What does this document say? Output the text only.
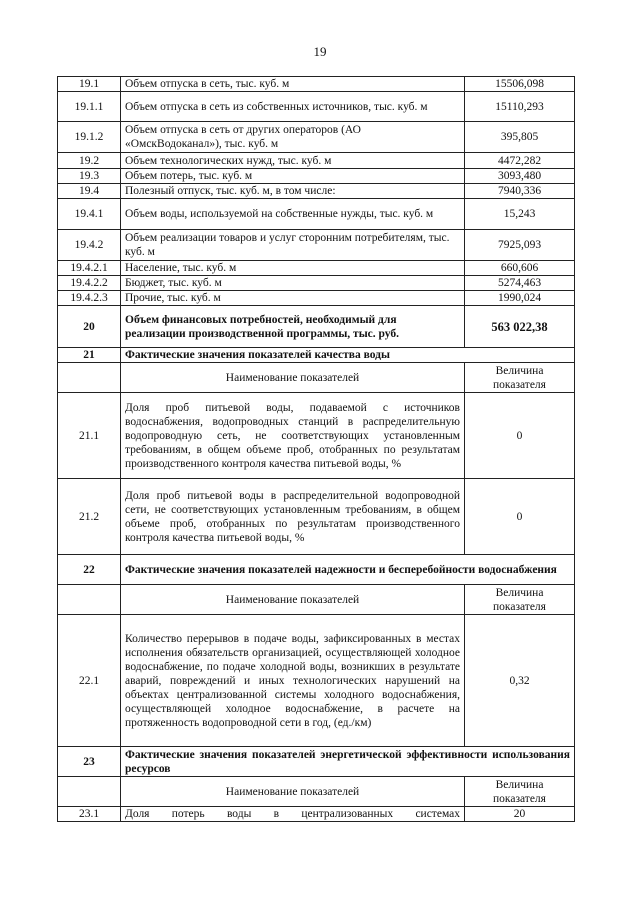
19
19.1	Объем отпуска в сеть, тыс. куб. м	15506,098
19.1.1	Объем отпуска в сеть из собственных источников, тыс. куб. м	15110,293
19.1.2	Объем отпуска в сеть от других операторов (АО «ОмскВодоканал»), тыс. куб. м	395,805
19.2	Объем технологических нужд, тыс. куб. м	4472,282
19.3	Объем потерь, тыс. куб. м	3093,480
19.4	Полезный отпуск, тыс. куб. м, в том числе:	7940,336
19.4.1	Объем воды, используемой на собственные нужды, тыс. куб. м	15,243
19.4.2	Объем реализации товаров и услуг сторонним потребителям, тыс. куб. м	7925,093
19.4.2.1	Население, тыс. куб. м	660,606
19.4.2.2	Бюджет, тыс. куб. м	5274,463
19.4.2.3	Прочие, тыс. куб. м	1990,024
20	Объем финансовых потребностей, необходимый для реализации производственной программы, тыс. руб.	563 022,38
21	Фактические значения показателей качества воды	
	Наименование показателей	Величина показателя
21.1	Доля проб питьевой воды, подаваемой с источников водоснабжения, водопроводных станций в распределительную водопроводную сеть, не соответствующих установленным требованиям, в общем объеме проб, отобранных по результатам производственного контроля качества питьевой воды, %	0
21.2	Доля проб питьевой воды в распределительной водопроводной сети, не соответствующих установленным требованиям, в общем объеме проб, отобранных по результатам производственного контроля качества питьевой воды, %	0
22	Фактические значения показателей надежности и бесперебойности водоснабжения	
	Наименование показателей	Величина показателя
22.1	Количество перерывов в подаче воды, зафиксированных в местах исполнения обязательств организацией, осуществляющей холодное водоснабжение, по подаче холодной воды, возникших в результате аварий, повреждений и иных технологических нарушений на объектах централизованной системы холодного водоснабжения, осуществляющей холодное водоснабжение, в расчете на протяженность водопроводной сети в год, (ед./км)	0,32
23	Фактические значения показателей энергетической эффективности использования ресурсов	
	Наименование показателей	Величина показателя
23.1	Доля потерь воды в централизованных системах	20
